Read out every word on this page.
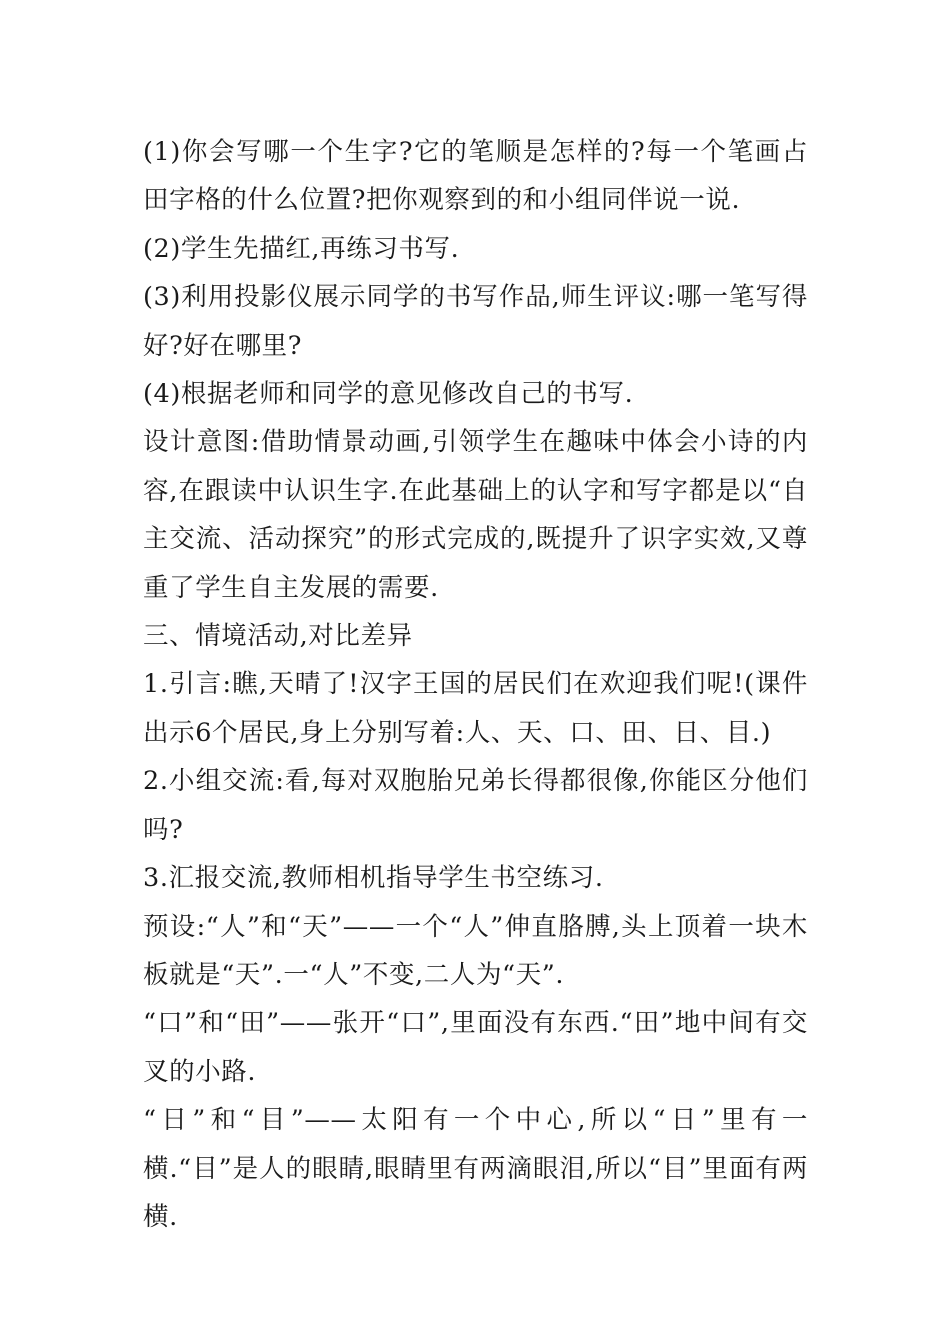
(1)你会写哪一个生字?它的笔顺是怎样的?每一个笔画占田字格的什么位置?把你观察到的和小组同伴说一说.

(2)学生先描红,再练习书写.

(3)利用投影仪展示同学的书写作品,师生评议:哪一笔写得好?好在哪里?

(4)根据老师和同学的意见修改自己的书写.

设计意图:借助情景动画,引领学生在趣味中体会小诗的内容,在跟读中认识生字.在此基础上的认字和写字都是以“自主交流、活动探究”的形式完成的,既提升了识字实效,又尊重了学生自主发展的需要.

三、情境活动,对比差异

1.引言:瞧,天晴了!汉字王国的居民们在欢迎我们呢!(课件出示6个居民,身上分别写着:人、天、口、田、日、目.)

2.小组交流:看,每对双胞胎兄弟长得都很像,你能区分他们吗?

3.汇报交流,教师相机指导学生书空练习.

预设:“人”和“天”——一个“人”伸直胳膊,头上顶着一块木板就是“天”.一“人”不变,二人为“天”.

“口”和“田”——张开“口”,里面没有东西.“田”地中间有交叉的小路.

“日”和“目”——太阳有一个中心,所以“日”里有一横.“目”是人的眼睛,眼睛里有两滴眼泪,所以“目”里面有两横.
